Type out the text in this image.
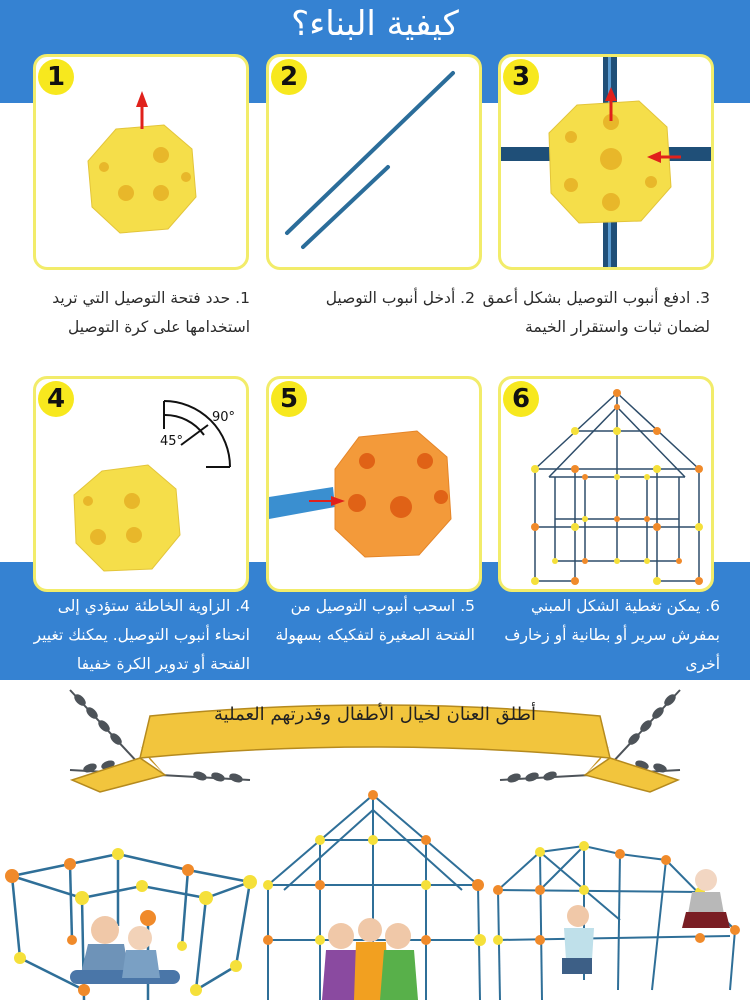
كيفية البناء؟
1	2	3
1. حدد فتحة التوصيل التي تريد استخدامها على كرة التوصيل
2. أدخل أنبوب التوصيل 3. ادفع أنبوب التوصيل بشكل أعمق لضمان ثبات واستقرار الخيمة
4
90°
45°
5	6
4. الزاوية الخاطئة ستؤدي إلى انحناء أنبوب التوصيل. يمكنك تغيير الفتحة أو تدوير الكرة خفيفا
5. اسحب أنبوب التوصيل من الفتحة الصغيرة لتفكيكه بسهولة
6. يمكن تغطية الشكل المبني بمفرش سرير أو بطانية أو زخارف أخرى
أطلق العنان لخيال الأطفال وقدرتهم العملية
